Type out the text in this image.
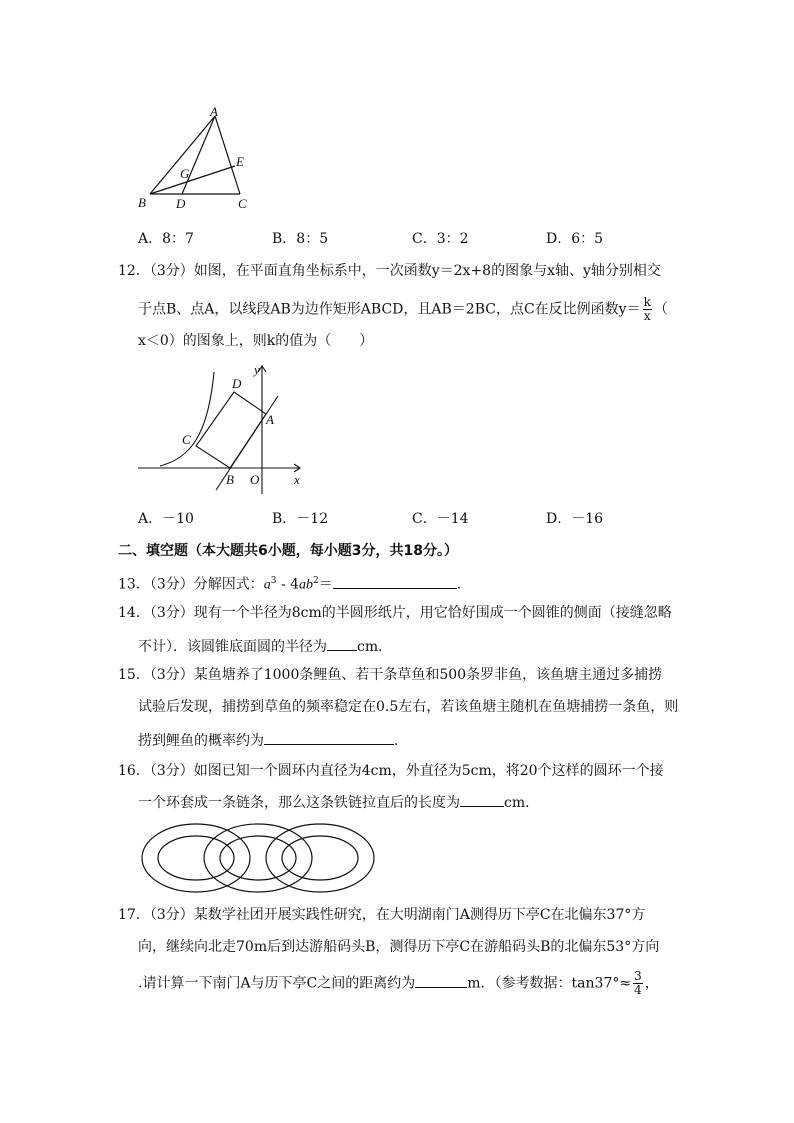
A
B	C
D
E
G
A．8：7	B．8：5	C．3：2	D．6：5
12．（3分）如图，在平面直角坐标系中，一次函数y＝2x+8的图象与x轴、y轴分别相交
于点B、点A，以线段AB为边作矩形ABCD，且AB＝2BC，点C在反比例函数$y= \frac{k}{x}$ （
x＜0）的图象上，则k的值为（　　）
y
x
A
B
C
D
O
A．－10	B．－12	C．－14	D．－16
二、填空题（本大题共6小题，每小题3分，共18分。）
13．（3分）分解因式：$a^3 - 4ab^2=$	．
14．（3分）现有一个半径为8cm的半圆形纸片，用它恰好围成一个圆锥的侧面（接缝忽略
不计）．该圆锥底面圆的半径为 cm．
15．（3分）某鱼塘养了1000条鲤鱼、若干条草鱼和500条罗非鱼，该鱼塘主通过多捕捞
试验后发现，捕捞到草鱼的频率稳定在0.5左右，若该鱼塘主随机在鱼塘捕捞一条鱼，则
捞到鲤鱼的概率约为	．
16．（3分）如图已知一个圆环内直径为4cm，外直径为5cm，将20个这样的圆环一个接
一个环套成一条链条，那么这条铁链拉直后的长度为	cm．
17．（3分）某数学社团开展实践性研究，在大明湖南门A测得历下亭C在北偏东37°方
向，继续向北走70m后到达游船码头B，测得历下亭C在游船码头B的北偏东53°方向
.请计算一下南门A与历下亭C之间的距离约为	m．（参考数据：$\tan 37^\circ\approx \frac{3}{4}$ ，
